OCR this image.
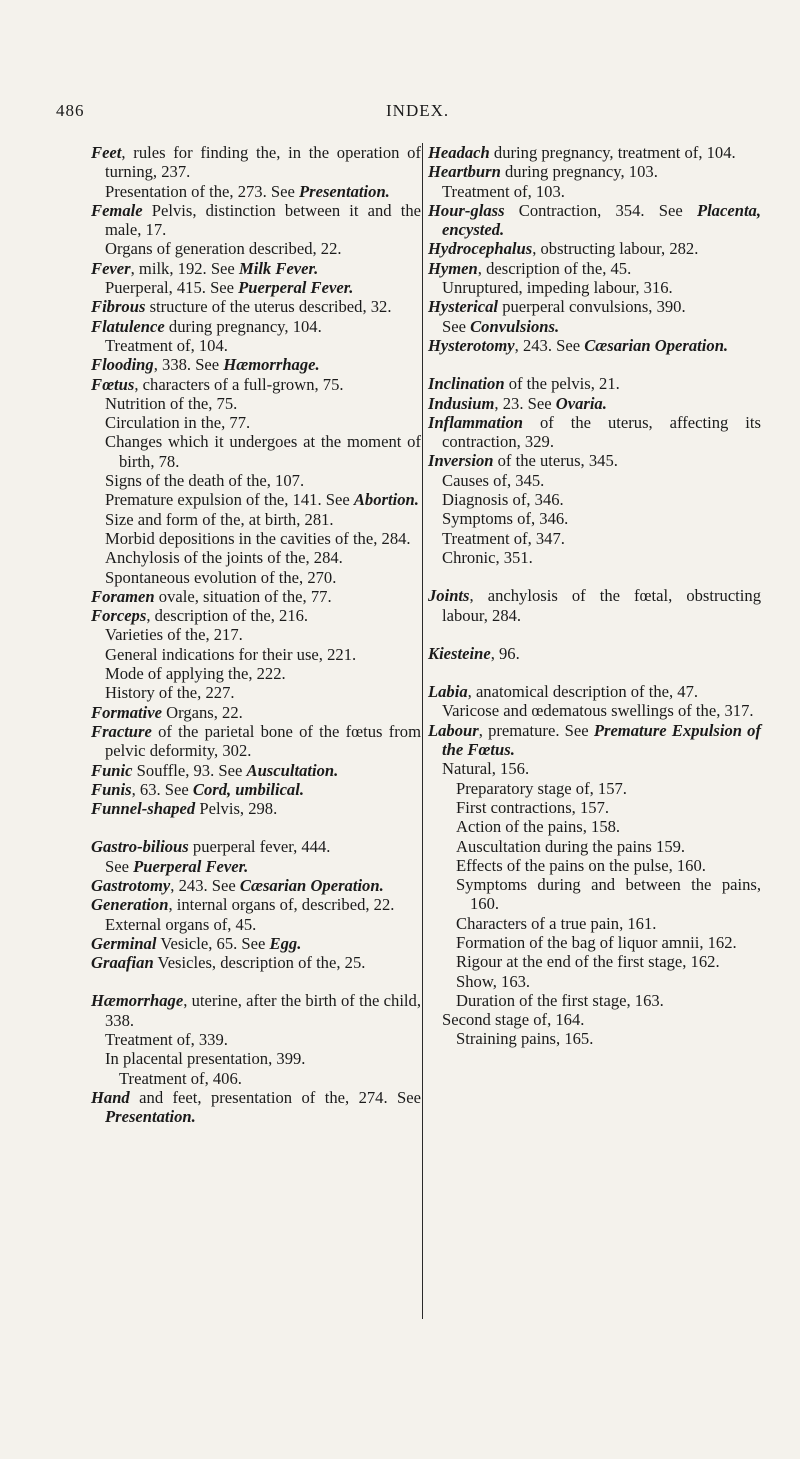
486	INDEX.
Feet, rules for finding the, in the operation of turning, 237.
Presentation of the, 273. See Presentation.
Female Pelvis, distinction between it and the male, 17.
Organs of generation described, 22.
Fever, milk, 192. See Milk Fever.
Puerperal, 415. See Puerperal Fever.
Fibrous structure of the uterus described, 32.
Flatulence during pregnancy, 104.
Treatment of, 104.
Flooding, 338. See Hæmorrhage.
Fœtus, characters of a full-grown, 75.
Nutrition of the, 75.
Circulation in the, 77.
Changes which it undergoes at the moment of birth, 78.
Signs of the death of the, 107.
Premature expulsion of the, 141. See Abortion.
Size and form of the, at birth, 281.
Morbid depositions in the cavities of the, 284.
Anchylosis of the joints of the, 284.
Spontaneous evolution of the, 270.
Foramen ovale, situation of the, 77.
Forceps, description of the, 216.
Varieties of the, 217.
General indications for their use, 221.
Mode of applying the, 222.
History of the, 227.
Formative Organs, 22.
Fracture of the parietal bone of the fœtus from pelvic deformity, 302.
Funic Souffle, 93. See Auscultation.
Funis, 63. See Cord, umbilical.
Funnel-shaped Pelvis, 298.
Gastro-bilious puerperal fever, 444.
See Puerperal Fever.
Gastrotomy, 243. See Cæsarian Operation.
Generation, internal organs of, described, 22.
External organs of, 45.
Germinal Vesicle, 65. See Egg.
Graafian Vesicles, description of the, 25.
Hæmorrhage, uterine, after the birth of the child, 338.
Treatment of, 339.
In placental presentation, 399.
Treatment of, 406.
Hand and feet, presentation of the, 274. See Presentation.
Headach during pregnancy, treatment of, 104.
Heartburn during pregnancy, 103.
Treatment of, 103.
Hour-glass Contraction, 354. See Placenta, encysted.
Hydrocephalus, obstructing labour, 282.
Hymen, description of the, 45.
Unruptured, impeding labour, 316.
Hysterical puerperal convulsions, 390.
See Convulsions.
Hysterotomy, 243. See Cæsarian Operation.
Inclination of the pelvis, 21.
Indusium, 23. See Ovaria.
Inflammation of the uterus, affecting its contraction, 329.
Inversion of the uterus, 345.
Causes of, 345.
Diagnosis of, 346.
Symptoms of, 346.
Treatment of, 347.
Chronic, 351.
Joints, anchylosis of the fœtal, obstructing labour, 284.
Kiesteine, 96.
Labia, anatomical description of the, 47.
Varicose and œdematous swellings of the, 317.
Labour, premature. See Premature Expulsion of the Fœtus.
Natural, 156.
Preparatory stage of, 157.
First contractions, 157.
Action of the pains, 158.
Auscultation during the pains 159.
Effects of the pains on the pulse, 160.
Symptoms during and between the pains, 160.
Characters of a true pain, 161.
Formation of the bag of liquor amnii, 162.
Rigour at the end of the first stage, 162.
Show, 163.
Duration of the first stage, 163.
Second stage of, 164.
Straining pains, 165.
